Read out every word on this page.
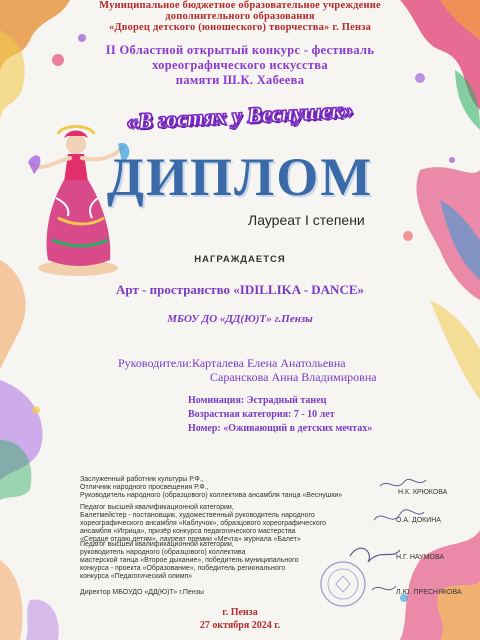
Муниципальное бюджетное образовательное учреждение

дополнительного образования

«Дворец детского (юношеского) творчества» г. Пенза

II Областной открытый конкурс - фестиваль

хореографического искусства

памяти Ш.К. Хабеева

«В гостях у Веснушек»

ДИПЛОМ

Лауреат I степени

НАГРАЖДАЕТСЯ

Арт - пространство «IDILLIKA - DANCE»

МБОУ ДО «ДД(Ю)Т» г.Пензы

Руководители:Карталева Елена Анатольевна

Саранскова Анна Владимировна

Номинация: Эстрадный танец

Возрастная категория: 7 - 10 лет

Номер: «Оживающий в детских мечтах»

Заслуженный работник культуры Р.Ф.,
Отличник народного просвещения Р.Ф.,
Руководитель народного (образцового) коллектива ансамбля танца «Веснушки»	Н.К. КРЮКОВА

Педагог высшей квалификационной категории,
Балетмейстер - постановщик, художественный руководитель народного
хореографического ансамбля «Каблучок», образцового хореографического
ансамбля «Игрица», призёр конкурса педагогического мастерства
«Сердце отдаю детям», лауреат премии «Мечта» журнала «Балет»

О.А. ДОКИНА

Педагог высшей квалификационной категории,
руководитель народного (образцового) коллектива
мастерской танца «Второе дыхание», победитель муниципального
конкурса - проекта «Образование», победитель регионального
конкурса «Педагогический олимп»

Н.Г. НАУМОВА

Директор МБОУДО «ДД(Ю)Т» г.Пензы	Л.Ю. ПРЕСНЯКОВА

г. Пенза

27 октября 2024 г.
